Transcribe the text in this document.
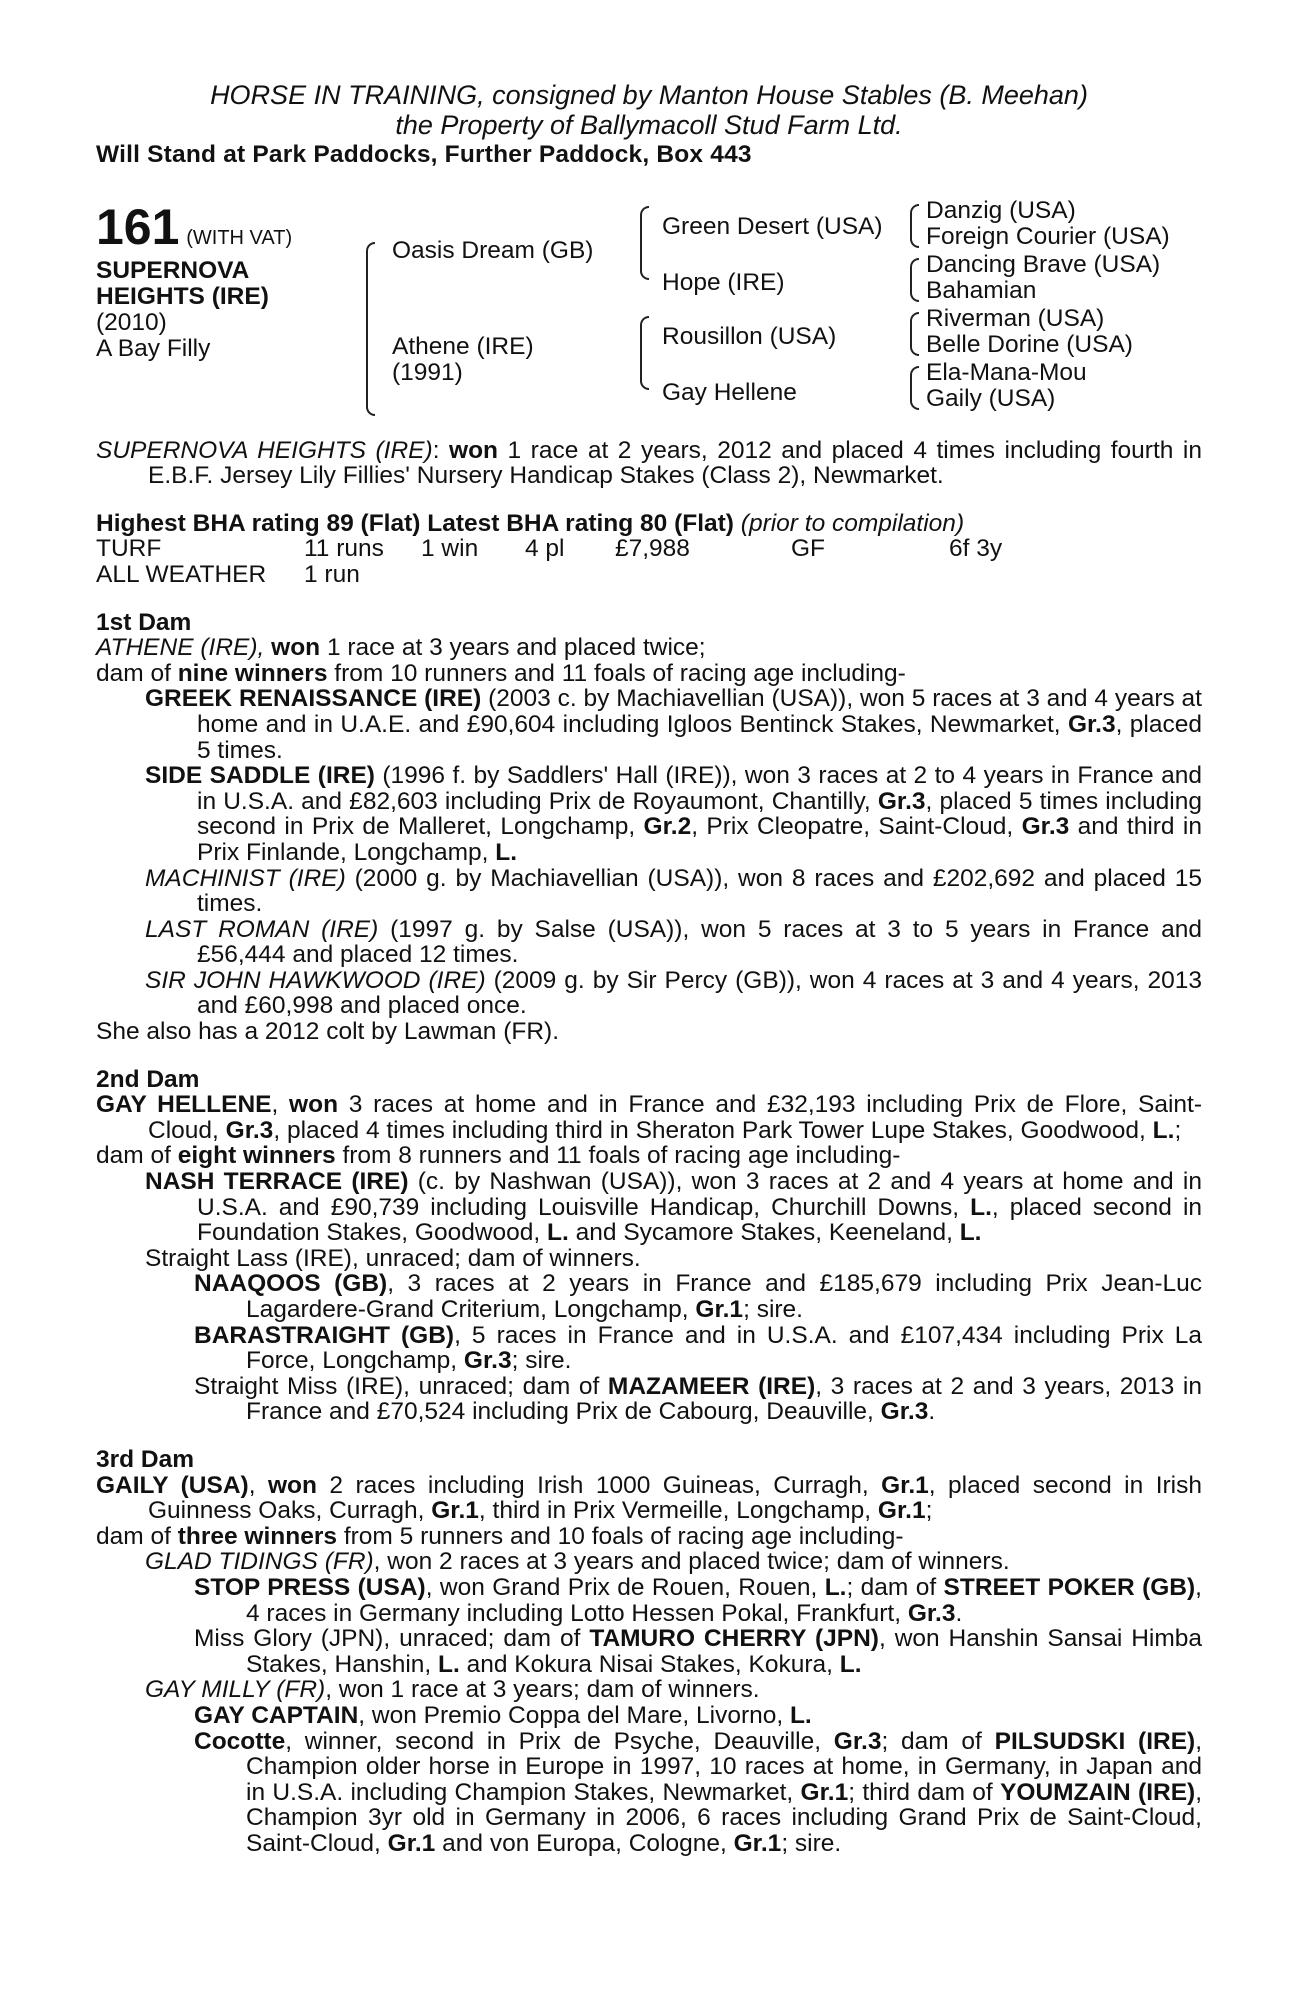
HORSE IN TRAINING, consigned by Manton House Stables (B. Meehan)
the Property of Ballymacoll Stud Farm Ltd.
Will Stand at Park Paddocks, Further Paddock, Box 443
161 (WITH VAT)
SUPERNOVA
HEIGHTS (IRE)
(2010)
A Bay Filly
Oasis Dream (GB)
Athene (IRE)
(1991)
Green Desert (USA)
Hope (IRE)
Rousillon (USA)
Gay Hellene
Danzig (USA)
Foreign Courier (USA)
Dancing Brave (USA)
Bahamian
Riverman (USA)
Belle Dorine (USA)
Ela-Mana-Mou
Gaily (USA)
SUPERNOVA HEIGHTS (IRE): won 1 race at 2 years, 2012 and placed 4 times including fourth in E.B.F. Jersey Lily Fillies' Nursery Handicap Stakes (Class 2), Newmarket.
Highest BHA rating 89 (Flat) Latest BHA rating 80 (Flat) (prior to compilation)
TURF	11 runs	1 win	4 pl	£7,988	GF	6f 3y
ALL WEATHER	1 run
1st Dam
ATHENE (IRE), won 1 race at 3 years and placed twice;
dam of nine winners from 10 runners and 11 foals of racing age including-
GREEK RENAISSANCE (IRE) (2003 c. by Machiavellian (USA)), won 5 races at 3 and 4 years at home and in U.A.E. and £90,604 including Igloos Bentinck Stakes, Newmarket, Gr.3, placed 5 times.
SIDE SADDLE (IRE) (1996 f. by Saddlers' Hall (IRE)), won 3 races at 2 to 4 years in France and in U.S.A. and £82,603 including Prix de Royaumont, Chantilly, Gr.3, placed 5 times including second in Prix de Malleret, Longchamp, Gr.2, Prix Cleopatre, Saint-Cloud, Gr.3 and third in Prix Finlande, Longchamp, L.
MACHINIST (IRE) (2000 g. by Machiavellian (USA)), won 8 races and £202,692 and placed 15 times.
LAST ROMAN (IRE) (1997 g. by Salse (USA)), won 5 races at 3 to 5 years in France and £56,444 and placed 12 times.
SIR JOHN HAWKWOOD (IRE) (2009 g. by Sir Percy (GB)), won 4 races at 3 and 4 years, 2013 and £60,998 and placed once.
She also has a 2012 colt by Lawman (FR).
2nd Dam
GAY HELLENE, won 3 races at home and in France and £32,193 including Prix de Flore, Saint-Cloud, Gr.3, placed 4 times including third in Sheraton Park Tower Lupe Stakes, Goodwood, L.;
dam of eight winners from 8 runners and 11 foals of racing age including-
NASH TERRACE (IRE) (c. by Nashwan (USA)), won 3 races at 2 and 4 years at home and in U.S.A. and £90,739 including Louisville Handicap, Churchill Downs, L., placed second in Foundation Stakes, Goodwood, L. and Sycamore Stakes, Keeneland, L.
Straight Lass (IRE), unraced; dam of winners.
NAAQOOS (GB), 3 races at 2 years in France and £185,679 including Prix Jean-Luc Lagardere-Grand Criterium, Longchamp, Gr.1; sire.
BARASTRAIGHT (GB), 5 races in France and in U.S.A. and £107,434 including Prix La Force, Longchamp, Gr.3; sire.
Straight Miss (IRE), unraced; dam of MAZAMEER (IRE), 3 races at 2 and 3 years, 2013 in France and £70,524 including Prix de Cabourg, Deauville, Gr.3.
3rd Dam
GAILY (USA), won 2 races including Irish 1000 Guineas, Curragh, Gr.1, placed second in Irish Guinness Oaks, Curragh, Gr.1, third in Prix Vermeille, Longchamp, Gr.1;
dam of three winners from 5 runners and 10 foals of racing age including-
GLAD TIDINGS (FR), won 2 races at 3 years and placed twice; dam of winners.
STOP PRESS (USA), won Grand Prix de Rouen, Rouen, L.; dam of STREET POKER (GB), 4 races in Germany including Lotto Hessen Pokal, Frankfurt, Gr.3.
Miss Glory (JPN), unraced; dam of TAMURO CHERRY (JPN), won Hanshin Sansai Himba Stakes, Hanshin, L. and Kokura Nisai Stakes, Kokura, L.
GAY MILLY (FR), won 1 race at 3 years; dam of winners.
GAY CAPTAIN, won Premio Coppa del Mare, Livorno, L.
Cocotte, winner, second in Prix de Psyche, Deauville, Gr.3; dam of PILSUDSKI (IRE), Champion older horse in Europe in 1997, 10 races at home, in Germany, in Japan and in U.S.A. including Champion Stakes, Newmarket, Gr.1; third dam of YOUMZAIN (IRE), Champion 3yr old in Germany in 2006, 6 races including Grand Prix de Saint-Cloud, Saint-Cloud, Gr.1 and von Europa, Cologne, Gr.1; sire.
